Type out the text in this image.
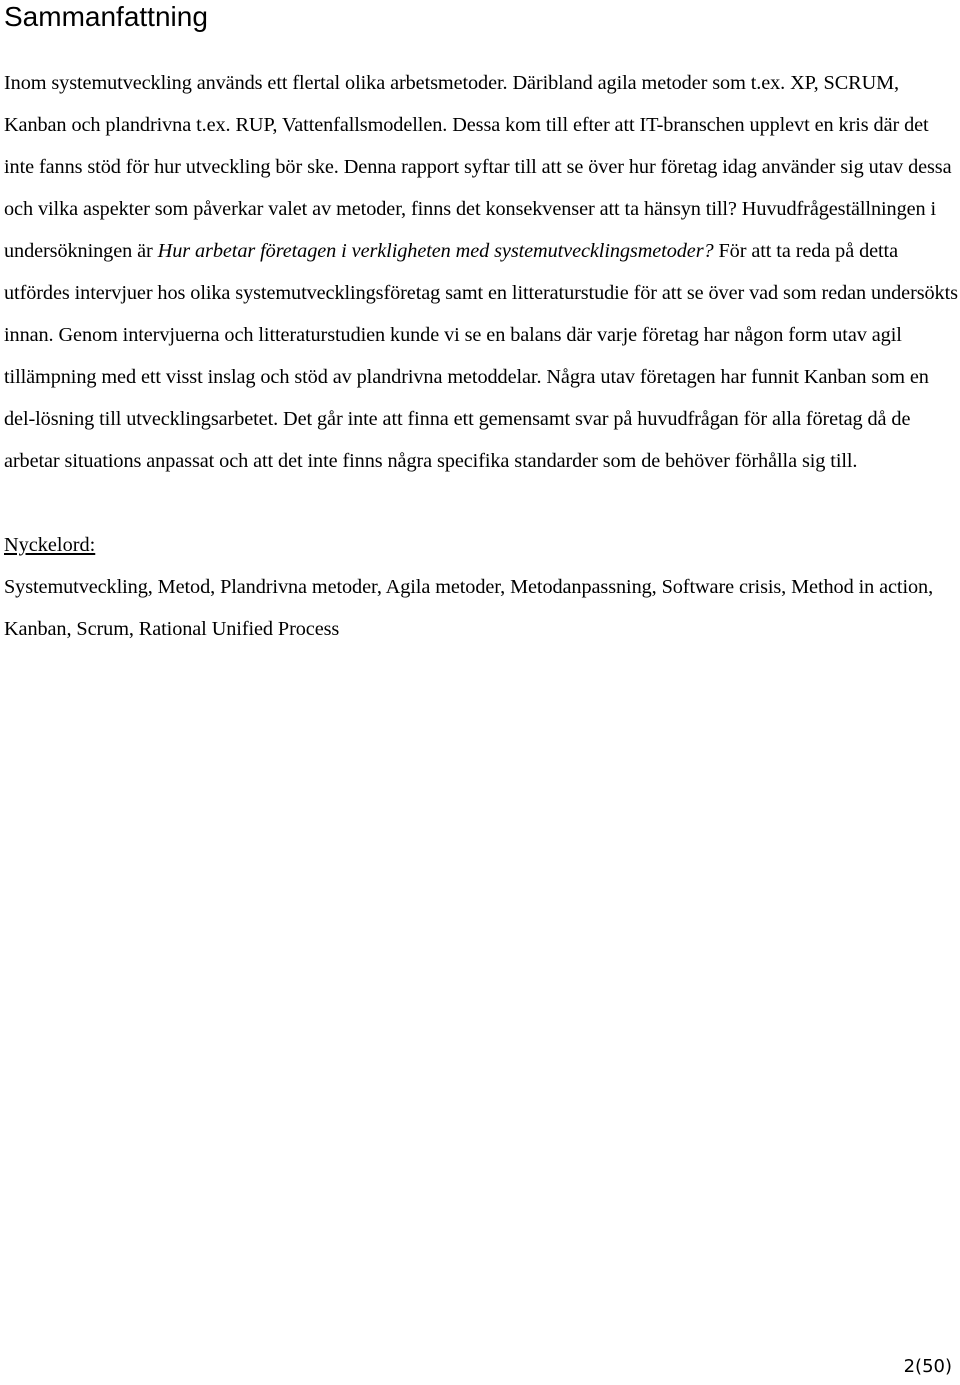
Sammanfattning

Inom systemutveckling används ett flertal olika arbetsmetoder. Däribland agila metoder som t.ex. XP, SCRUM, Kanban och plandrivna t.ex. RUP, Vattenfallsmodellen. Dessa kom till efter att IT-branschen upplevt en kris där det inte fanns stöd för hur utveckling bör ske. Denna rapport syftar till att se över hur företag idag använder sig utav dessa och vilka aspekter som påverkar valet av metoder, finns det konsekvenser att ta hänsyn till? Huvudfrågeställningen i undersökningen är Hur arbetar företagen i verkligheten med systemutvecklingsmetoder? För att ta reda på detta utfördes intervjuer hos olika systemutvecklingsföretag samt en litteraturstudie för att se över vad som redan undersökts innan. Genom intervjuerna och litteraturstudien kunde vi se en balans där varje företag har någon form utav agil tillämpning med ett visst inslag och stöd av plandrivna metoddelar. Några utav företagen har funnit Kanban som en del-lösning till utvecklingsarbetet. Det går inte att finna ett gemensamt svar på huvudfrågan för alla företag då de arbetar situations anpassat och att det inte finns några specifika standarder som de behöver förhålla sig till.

Nyckelord:

Systemutveckling, Metod, Plandrivna metoder, Agila metoder, Metodanpassning, Software crisis, Method in action, Kanban, Scrum, Rational Unified Process

2(50)
